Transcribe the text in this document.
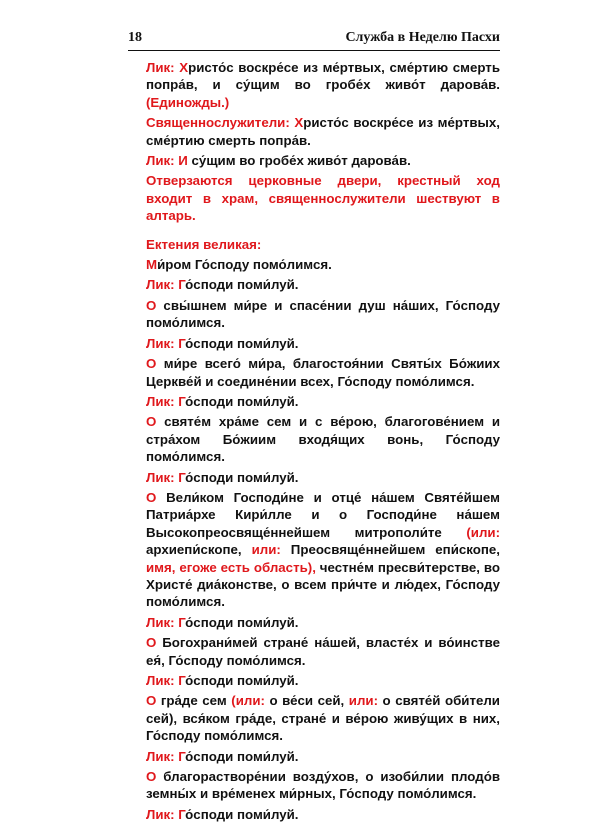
18	Служба в Неделю Пасхи
Лик: Христо́с воскре́се из ме́ртвых, сме́ртию смерть попра́в, и су́щим во гробе́х живо́т дарова́в. (Единожды.)
Священнослужители: Христо́с воскре́се из ме́ртвых, сме́ртию смерть попра́в.
Лик: И су́щим во гробе́х живо́т дарова́в.
Отверзаются церковные двери, крестный ход входит в храм, священнослужители шествуют в алтарь.
Ектения великая:
Ми́ром Го́споду помо́лимся.
Лик: Го́споди поми́луй.
О свы́шнем ми́ре и спасе́нии душ на́ших, Го́споду помо́лимся.
Лик: Го́споди поми́луй.
О ми́ре всего́ ми́ра, благостоя́нии Святы́х Бо́жиих Церкве́й и соедине́нии всех, Го́споду помо́лимся.
Лик: Го́споди поми́луй.
О святе́м хра́ме сем и с ве́рою, благогове́нием и стра́хом Бо́жиим входя́щих вонь, Го́споду помо́лимся.
Лик: Го́споди поми́луй.
О Вели́ком Господи́не и отце́ на́шем Святе́йшем Патриа́рхе Кири́лле и о Господи́не на́шем Высокопреосвяще́ннейшем митрополи́те (или: архиепи́скопе, или: Преосвяще́ннейшем епи́скопе, имя, егоже есть область), честне́м пресви́терстве, во Христе́ диа́констве, о всем при́чте и лю́дех, Го́споду помо́лимся.
Лик: Го́споди поми́луй.
О Богохрани́мей стране́ на́шей, власте́х и во́инстве ея́, Го́споду помо́лимся.
Лик: Го́споди поми́луй.
О гра́де сем (или: о ве́си сей, или: о святе́й оби́тели сей), вся́ком гра́де, стране́ и ве́рою живу́щих в них, Го́споду помо́лимся.
Лик: Го́споди поми́луй.
О благорастворе́нии возду́хов, о изоби́лии плодо́в земны́х и вре́менех ми́рных, Го́споду помо́лимся.
Лик: Го́споди поми́луй.
